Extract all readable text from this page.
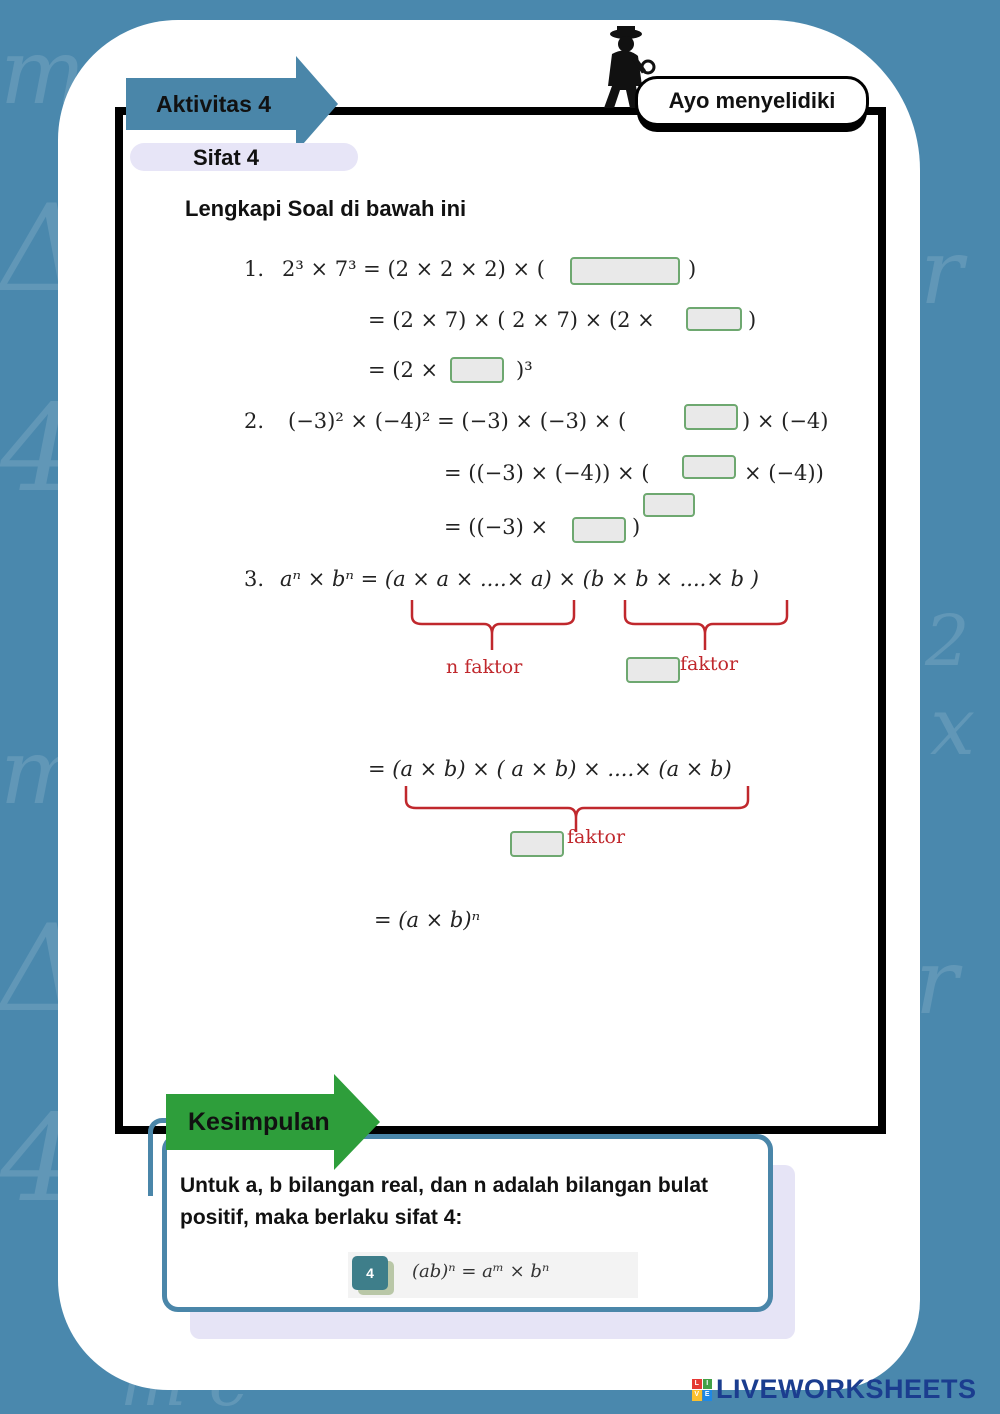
m
Δ
4
m
Δ
4
r
2
x
r
Aktivitas 4
Sifat 4
Ayo menyelidiki
Lengkapi Soal di bawah ini
1. 2³ × 7³ = (2 × 2 × 2) × (	)
= (2 × 7) × ( 2 × 7) × (2 ×	)
= (2 ×	)³
2. (−3)² × (−4)² = (−3) × (−3) × (	) × (−4)
= ((−3) × (−4)) × (	× (−4))
= ((−3) ×	)
3. aⁿ × bⁿ = (a × a × ....× a) × (b × b × ....× b )
n faktor	faktor
= (a × b) × ( a × b) × ....× (a × b)
faktor
= (a × b)ⁿ
Kesimpulan
Untuk a, b bilangan real, dan n adalah bilangan bulat positif, maka berlaku sifat 4:
4	(ab)ⁿ = aᵐ × bⁿ
L	I
V E LIVEWORKSHEETS
